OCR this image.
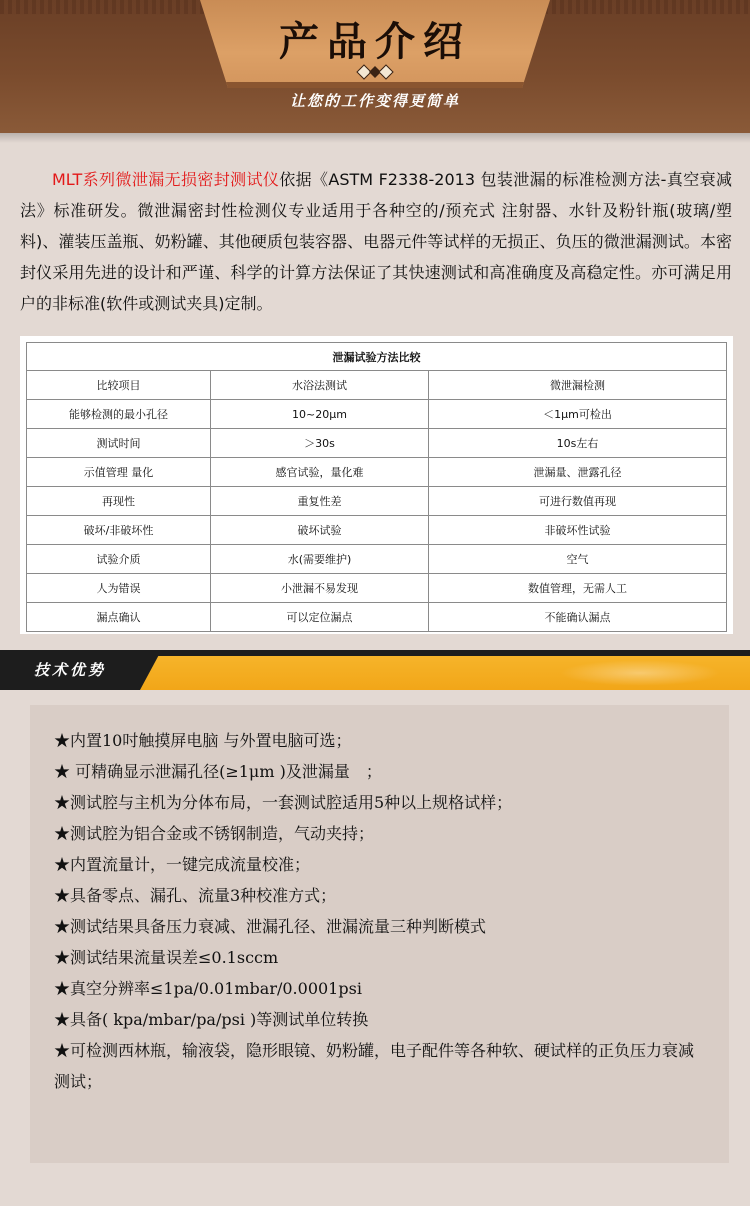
产品介绍
让您的工作变得更简单

MLT系列微泄漏无损密封测试仪依据《ASTM F2338-2013 包装泄漏的标准检测方法-真空衰减法》标准研发。微泄漏密封性检测仪专业适用于各种空的/预充式 注射器、水针及粉针瓶(玻璃/塑料)、灌装压盖瓶、奶粉罐、其他硬质包装容器、电器元件等试样的无损正、负压的微泄漏测试。本密封仪采用先进的设计和严谨、科学的计算方法保证了其快速测试和高准确度及高稳定性。亦可满足用户的非标准(软件或测试夹具)定制。

泄漏试验方法比较		
比较项目	水浴法测试	微泄漏检测
能够检测的最小孔径	10~20μm	＜1μm可检出
测试时间	＞30s	10s左右
示值管理 量化	感官试验，量化难	泄漏量、泄露孔径
再现性	重复性差	可进行数值再现
破坏/非破坏性	破坏试验	非破坏性试验
试验介质	水(需要维护)	空气
人为错误	小泄漏不易发现	数值管理，无需人工
漏点确认	可以定位漏点	不能确认漏点
技术优势
★内置10吋触摸屏电脑 与外置电脑可选；
★ 可精确显示泄漏孔径(≥1μm )及泄漏量　；
★测试腔与主机为分体布局，一套测试腔适用5种以上规格试样；
★测试腔为铝合金或不锈钢制造，气动夹持；
★内置流量计，一键完成流量校准；
★具备零点、漏孔、流量3种校准方式；
★测试结果具备压力衰减、泄漏孔径、泄漏流量三种判断模式
★测试结果流量误差≤0.1sccm
★真空分辨率≤1pa/0.01mbar/0.0001psi
★具备( kpa/mbar/pa/psi )等测试单位转换
★可检测西林瓶，输液袋，隐形眼镜、奶粉罐，电子配件等各种软、硬试样的正负压力衰减测试；
